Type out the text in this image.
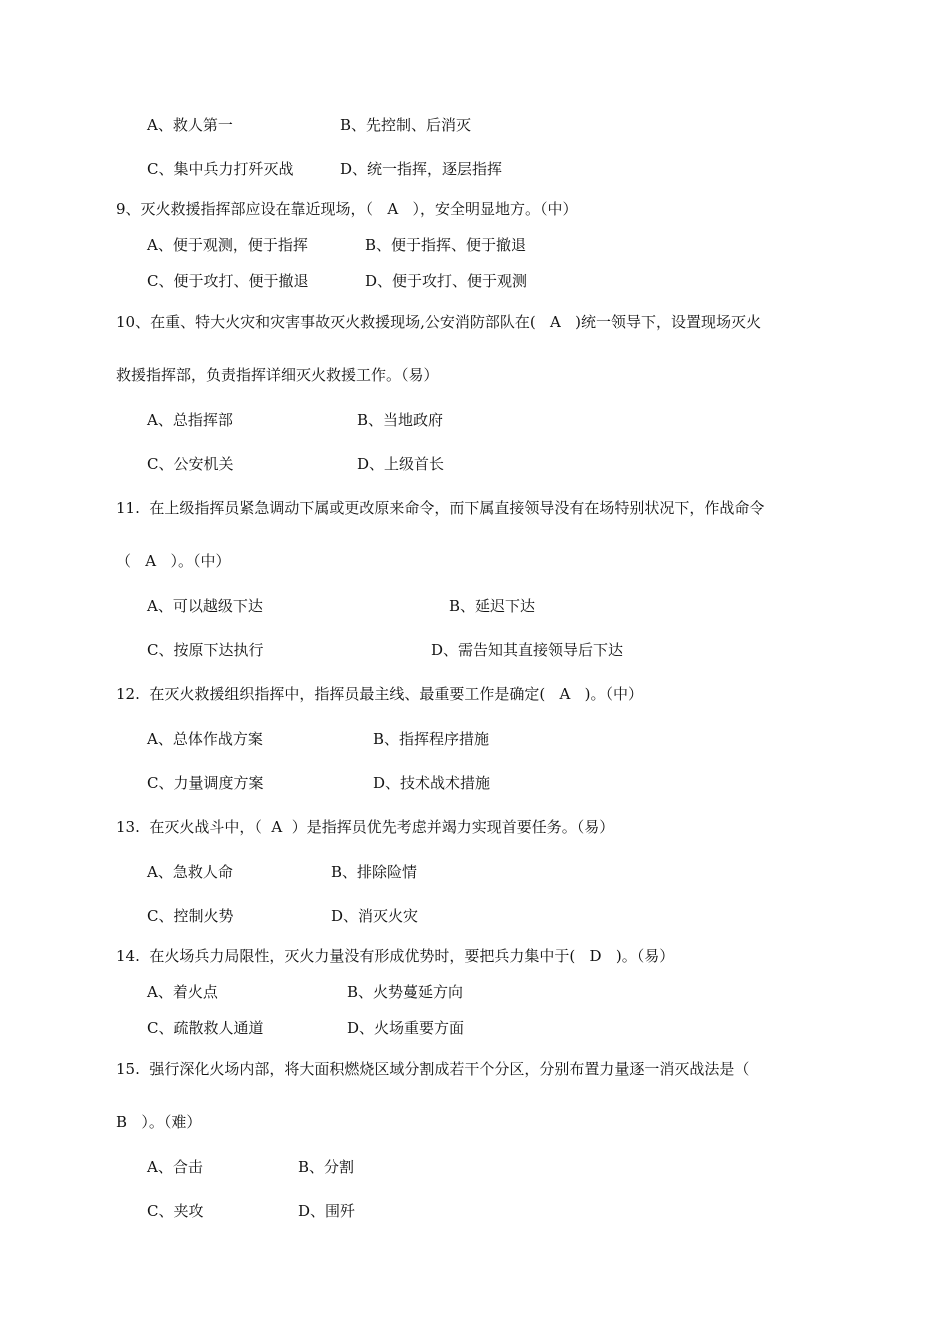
A、救人第一	B、先控制、后消灭
C、集中兵力打歼灭战	D、统一指挥，逐层指挥
9、灭火救援指挥部应设在靠近现场，（   A   ），安全明显地方。（中）
A、便于观测，便于指挥	B、便于指挥、便于撤退
C、便于攻打、便于撤退	D、便于攻打、便于观测
10、在重、特大火灾和灾害事故灭火救援现场,公安消防部队在(   A   )统一领导下，设置现场灭火
救援指挥部，负责指挥详细灭火救援工作。（易）
A、总指挥部	B、当地政府
C、公安机关	D、上级首长
11.  在上级指挥员紧急调动下属或更改原来命令，而下属直接领导没有在场特别状况下，作战命令
（   A   ）。（中）
A、可以越级下达	B、延迟下达
C、按原下达执行	D、需告知其直接领导后下达
12.  在灭火救援组织指挥中，指挥员最主线、最重要工作是确定(   A   )。（中）
A、总体作战方案	B、指挥程序措施
C、力量调度方案	D、技术战术措施
13.  在灭火战斗中，（  A  ）是指挥员优先考虑并竭力实现首要任务。（易）
A、急救人命	B、排除险情
C、控制火势	D、消灭火灾
14.  在火场兵力局限性，灭火力量没有形成优势时，要把兵力集中于(   D   )。（易）
A、着火点	B、火势蔓延方向
C、疏散救人通道	D、火场重要方面
15.  强行深化火场内部，将大面积燃烧区域分割成若干个分区，分别布置力量逐一消灭战法是（
B   ）。（难）
A、合击	B、分割
C、夹攻	D、围歼
